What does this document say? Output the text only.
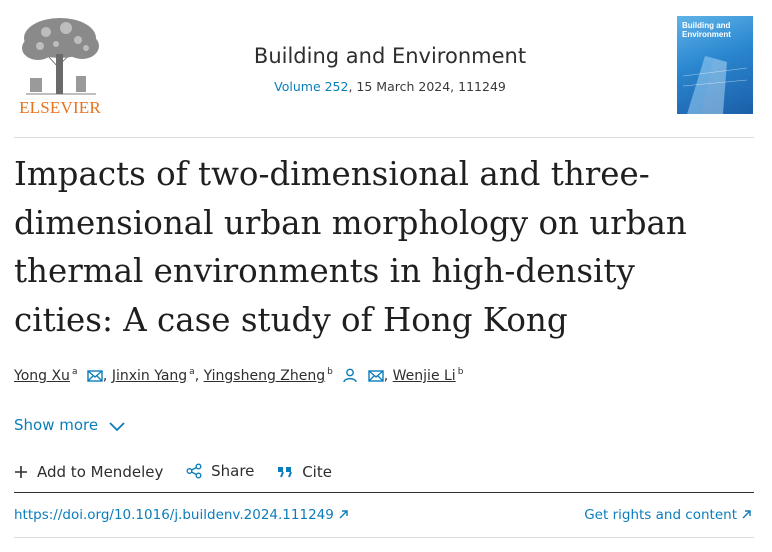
ELSEVIER
Building and Environment
Volume 252, 15 March 2024, 111249
Building and Environment
Impacts of two-dimensional and three-dimensional urban morphology on urban thermal environments in high-density cities: A case study of Hong Kong
Yong Xu $^a$ , Jinxin Yang $^a$, Yingsheng Zheng $^b$	, Wenjie Li $^b$
Show more
Add to Mendeley
	Share
	Cite
https://doi.org/10.1016/j.buildenv.2024.111249	Get rights and content
